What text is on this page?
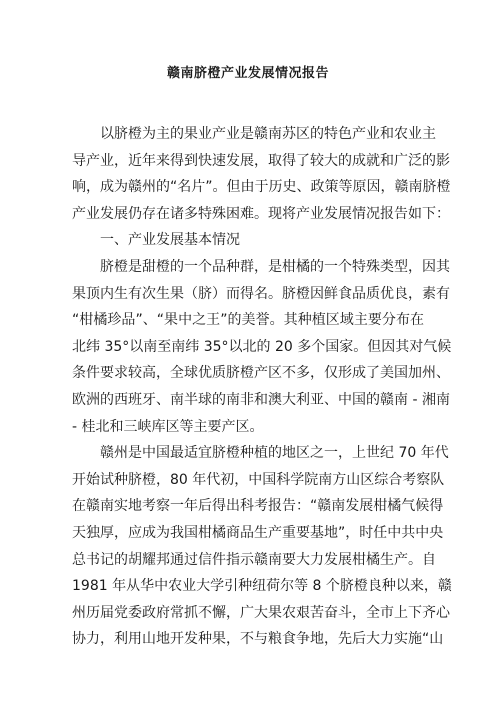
赣南脐橙产业发展情况报告
以脐橙为主的果业产业是赣南苏区的特色产业和农业主
导产业，近年来得到快速发展，取得了较大的成就和广泛的影
响，成为赣州的“名片”。但由于历史、政策等原因，赣南脐橙
产业发展仍存在诸多特殊困难。现将产业发展情况报告如下：
一、产业发展基本情况
脐橙是甜橙的一个品种群，是柑橘的一个特殊类型，因其
果顶内生有次生果（脐）而得名。脐橙因鲜食品质优良，素有
“柑橘珍品”、“果中之王”的美誉。其种植区域主要分布在
北纬 35°以南至南纬 35°以北的 20 多个国家。但因其对气候
条件要求较高，全球优质脐橙产区不多，仅形成了美国加州、
欧洲的西班牙、南半球的南非和澳大利亚、中国的赣南 - 湘南
- 桂北和三峡库区等主要产区。
赣州是中国最适宜脐橙种植的地区之一，上世纪 70 年代
开始试种脐橙，80 年代初，中国科学院南方山区综合考察队
在赣南实地考察一年后得出科考报告：“赣南发展柑橘气候得
天独厚，应成为我国柑橘商品生产重要基地”，时任中共中央
总书记的胡耀邦通过信件指示赣南要大力发展柑橘生产。自
1981 年从华中农业大学引种纽荷尔等 8 个脐橙良种以来，赣
州历届党委政府常抓不懈，广大果农艰苦奋斗，全市上下齐心
协力，利用山地开发种果，不与粮食争地，先后大力实施“山
